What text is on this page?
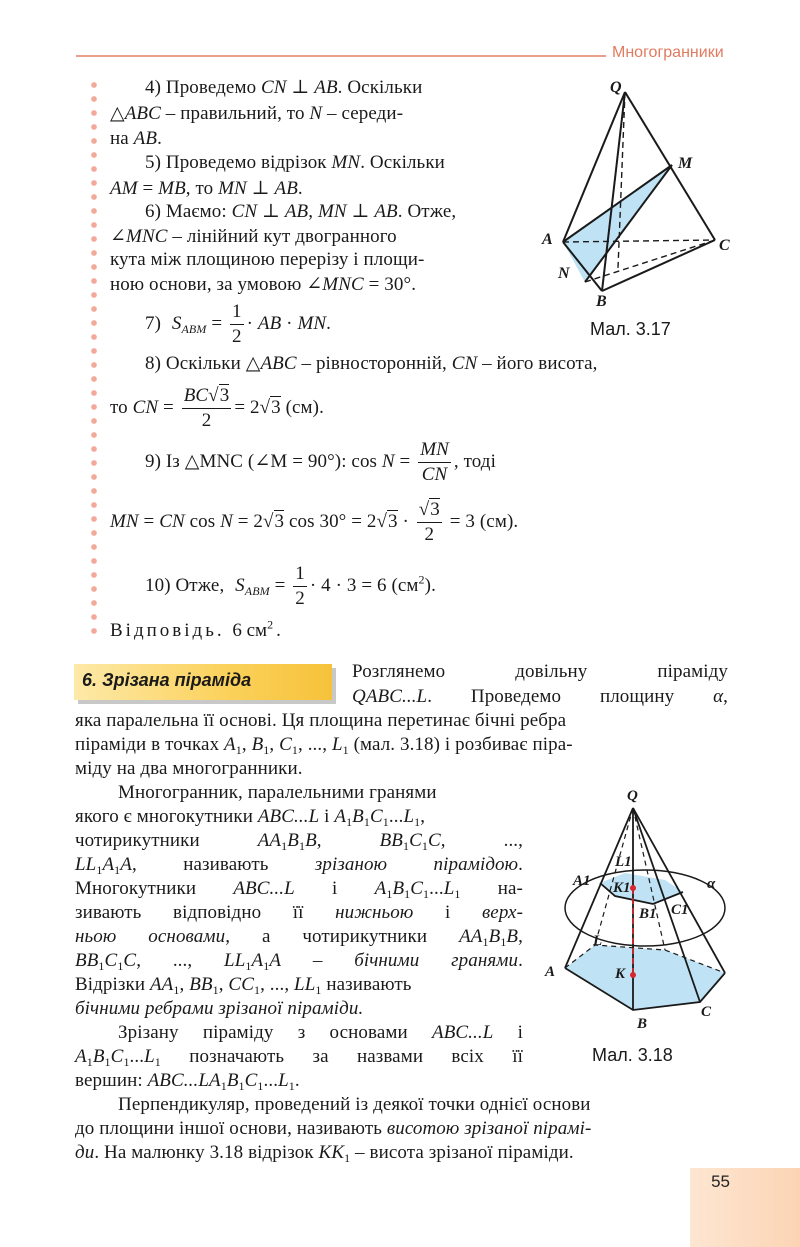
Многогранники
4) Проведемо CN ⊥ AB. Оскільки
△ABC – правильний, то N – середи-
на AB.
5) Проведемо відрізок MN. Оскільки
AM = MB, то MN ⊥ AB.
6) Маємо: CN ⊥ AB, MN ⊥ AB. Отже,
∠MNC – лінійний кут двогранного
кута між площиною перерізу і площи-
ною основи, за умовою ∠MNC = 30°.
7) $S_{ABM} = \frac{1}{2}$ · AB · MN.
8) Оскільки △ABC – рівносторонній, CN – його висота,
то CN = $\frac{BC√3}{2} = 2√3$ (см).
9) Із △MNC (∠M = 90°): $\cos N = \frac{MN}{CN}$ , тоді
MN = CN cos N = 2√3 $\cos 30^\circ = 2√3 \cdot \frac{√3}{2} = 3$ (см).
10) Отже, $S_{ABM} = \frac{1}{2} \cdot 4 \cdot 3 = 6$ $(см^2)$.
Відповідь. 6 $см^2$.
Q
M
A	C
N
B
Мал. 3.17
6. Зрізана піраміда	Розглянемо довільну піраміду
QABC...L. Проведемо площину α,
яка паралельна її основі. Ця площина перетинає бічні ребра
піраміди в точках $A_1$, $B_1$, $C_1$, ..., $L_1$ (мал. 3.18) і розбиває пірa-
міду на два многогранники.
Многогранник, паралельними гранями
якого є многокутники ABC...L і $A_1B_1C_1...L_1$,
чотирикутники $AA_1B_1B$, $BB_1C_1C$, ...,
$LL_1A_1A$, називають зрізаною пірамідою.
Многокутники ABC...L і $A_1B_1C_1...L_1$ на-
зивають відповідно її нижньою і верх-
ньою основами, а чотирикутники $AA_1B_1B$,
$BB_1C_1C$, ..., $LL_1A_1A$ – бічними гранями.
Відрізки $AA_1$, $BB_1$, $CC_1$, ..., $LL_1$ називають
бічними ребрами зрізаної піраміди.
Зрізану піраміду з основами ABC...L і
$A_1B_1C_1...L_1$ позначають за назвами всіх її
вершин: $ABC...LA_1B_1C_1...L_1$.
Перпендикуляр, проведений із деякої точки однієї основи
до площини іншої основи, називають висотою зрізаної пірамі-
ди. На малюнку 3.18 відрізок $KK_1$ – висота зрізаної піраміди.
Q
L1
A1 K1
B1 C1
α
L
A	K
B
C
Мал. 3.18
55
